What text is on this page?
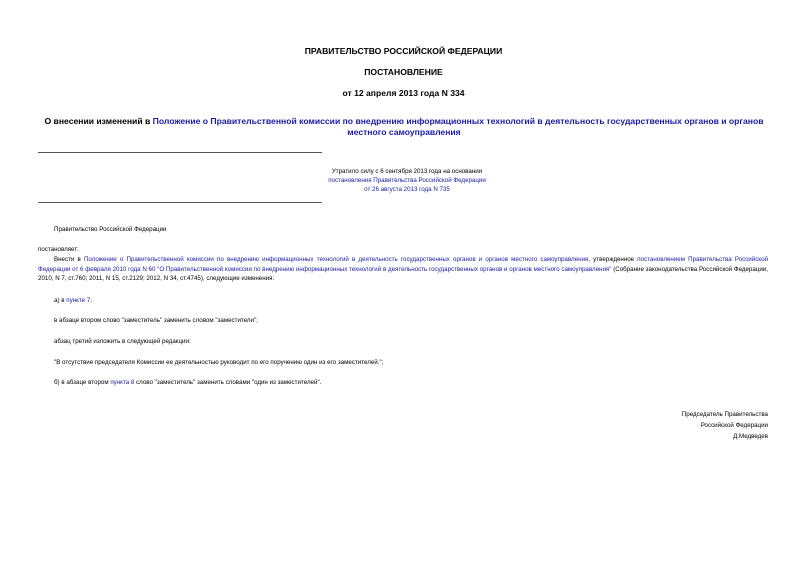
ПРАВИТЕЛЬСТВО РОССИЙСКОЙ ФЕДЕРАЦИИ
ПОСТАНОВЛЕНИЕ
от 12 апреля 2013 года N 334
О внесении изменений в Положение о Правительственной комиссии по внедрению информационных технологий в деятельность государственных органов и органов местного самоуправления
Утратило силу с 6 сентября 2013 года на основании
постановления Правительства Российской Федерации
от 26 августа 2013 года N 735
Правительство Российской Федерации
постановляет:
Внести в Положение о Правительственной комиссии по внедрению информационных технологий в деятельность государственных органов и органов местного самоуправления, утвержденное постановлением Правительства Российской Федерации от 6 февраля 2010 года N 60 "О Правительственной комиссии по внедрению информационных технологий в деятельность государственных органов и органов местного самоуправления" (Собрание законодательства Российской Федерации, 2010, N 7, ст.760; 2011, N 15, ст.2129; 2012, N 34, ст.4745), следующие изменения:
а) в пункте 7:
в абзаце втором слово "заместитель" заменить словом "заместители";
абзац третий изложить в следующей редакции:
"В отсутствие председателя Комиссии ее деятельностью руководит по его поручению один из его заместителей.";
б) в абзаце втором пункта 8 слово "заместитель" заменить словами "один из заместителей".
Председатель Правительства
Российской Федерации
Д.Медведев
